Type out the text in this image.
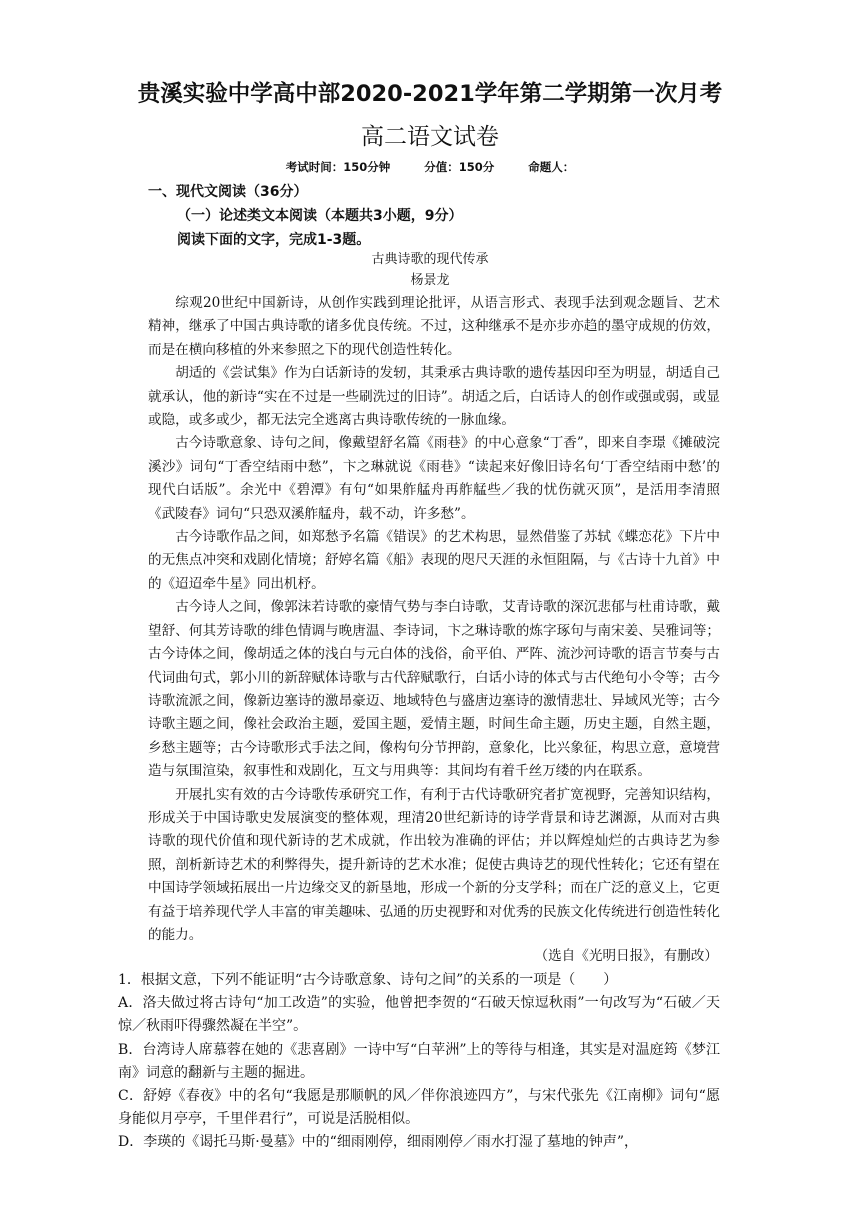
贵溪实验中学高中部2020-2021学年第二学期第一次月考
高二语文试卷
考试时间：150分钟	分值：150分	命题人：
一、现代文阅读（36分）
（一）论述类文本阅读（本题共3小题，9分）
阅读下面的文字，完成1-3题。
古典诗歌的现代传承
杨景龙

综观20世纪中国新诗，从创作实践到理论批评，从语言形式、表现手法到观念题旨、艺术精神，继承了中国古典诗歌的诸多优良传统。不过，这种继承不是亦步亦趋的墨守成规的仿效，而是在横向移植的外来参照之下的现代创造性转化。

胡适的《尝试集》作为白话新诗的发轫，其秉承古典诗歌的遗传基因印至为明显，胡适自己就承认，他的新诗“实在不过是一些刷洗过的旧诗”。胡适之后，白话诗人的创作或强或弱，或显或隐，或多或少，都无法完全逃离古典诗歌传统的一脉血缘。

古今诗歌意象、诗句之间，像戴望舒名篇《雨巷》的中心意象“丁香”，即来自李璟《摊破浣溪沙》词句“丁香空结雨中愁”，卞之琳就说《雨巷》“读起来好像旧诗名句‘丁香空结雨中愁’的现代白话版”。余光中《碧潭》有句“如果舴艋舟再舴艋些／我的忧伤就灭顶”，是活用李清照《武陵春》词句“只恐双溪舴艋舟，载不动，许多愁”。

古今诗歌作品之间，如郑愁予名篇《错误》的艺术构思，显然借鉴了苏轼《蝶恋花》下片中的无焦点冲突和戏剧化情境；舒婷名篇《船》表现的咫尺天涯的永恒阻隔，与《古诗十九首》中的《迢迢牵牛星》同出机杼。

古今诗人之间，像郭沫若诗歌的豪情气势与李白诗歌，艾青诗歌的深沉悲郁与杜甫诗歌，戴望舒、何其芳诗歌的绯色情调与晚唐温、李诗词，卞之琳诗歌的炼字琢句与南宋姜、吴雅词等；古今诗体之间，像胡适之体的浅白与元白体的浅俗，俞平伯、严阵、流沙河诗歌的语言节奏与古代词曲句式，郭小川的新辞赋体诗歌与古代辞赋歌行，白话小诗的体式与古代绝句小令等；古今诗歌流派之间，像新边塞诗的激昂豪迈、地域特色与盛唐边塞诗的激情悲壮、异域风光等；古今诗歌主题之间，像社会政治主题，爱国主题，爱情主题，时间生命主题，历史主题，自然主题，乡愁主题等；古今诗歌形式手法之间，像构句分节押韵，意象化，比兴象征，构思立意，意境营造与氛围渲染，叙事性和戏剧化，互文与用典等：其间均有着千丝万缕的内在联系。

开展扎实有效的古今诗歌传承研究工作，有利于古代诗歌研究者扩宽视野，完善知识结构，形成关于中国诗歌史发展演变的整体观，理清20世纪新诗的诗学背景和诗艺渊源，从而对古典诗歌的现代价值和现代新诗的艺术成就，作出较为准确的评估；并以辉煌灿烂的古典诗艺为参照，剖析新诗艺术的利弊得失，提升新诗的艺术水准；促使古典诗艺的现代性转化；它还有望在中国诗学领域拓展出一片边缘交叉的新垦地，形成一个新的分支学科；而在广泛的意义上，它更有益于培养现代学人丰富的审美趣味、弘通的历史视野和对优秀的民族文化传统进行创造性转化的能力。

（选自《光明日报》，有删改）

1．根据文意，下列不能证明“古今诗歌意象、诗句之间”的关系的一项是（　　）

A．洛夫做过将古诗句“加工改造”的实验，他曾把李贺的“石破天惊逗秋雨”一句改写为“石破／天惊／秋雨吓得骤然凝在半空”。

B．台湾诗人席慕蓉在她的《悲喜剧》一诗中写“白苹洲”上的等待与相逢，其实是对温庭筠《梦江南》词意的翻新与主题的掘进。

C．舒婷《春夜》中的名句“我愿是那顺帆的风／伴你浪迹四方”，与宋代张先《江南柳》词句“愿身能似月亭亭，千里伴君行”，可说是活脱相似。

D．李瑛的《谒托马斯·曼墓》中的“细雨刚停，细雨刚停／雨水打湿了墓地的钟声”，
